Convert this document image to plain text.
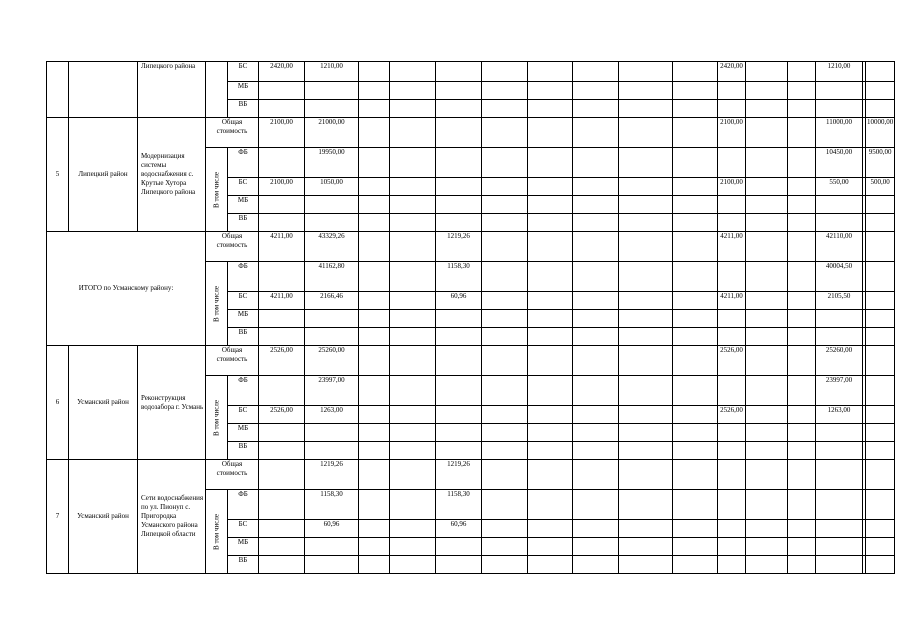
		Липецкого района		БС	2420,00	1210,00									2420,00			1210,00		
				МБ																
				ВБ																
5	Липецкий район	Модернизация системы водоснабжения с. Крутые Хутора Липецкого района	Общая стоимость		2100,00	21000,00									2100,00			11000,00		10000,00

			В том числе	ФБ		19950,00												10450,00		9500,00
				БС	2100,00	1050,00									2100,00			550,00		500,00
				МБ																
				ВБ																
ИТОГО по Усманскому району:			Общая стоимость		4211,00	43329,26			1219,26						4211,00			42110,00		

			В том числе	ФБ		41162,80			1158,30									40004,50		
				БС	4211,00	2166,46			60,96						4211,00			2105,50		
				МБ																
				ВБ																
6	Усманский район	Реконструкция водозабора г. Усмань	Общая стоимость		2526,00	25260,00									2526,00			25260,00		

			В том числе	ФБ		23997,00												23997,00		
				БС	2526,00	1263,00									2526,00			1263,00		
				МБ																
				ВБ																
7	Усманский район	Сети водоснабжения по ул. Пионуп с. Пригородка Усманского района Липецкой области	Общая стоимость			1219,26			1219,26											

			В том числе	ФБ		1158,30			1158,30											
				БС		60,96			60,96											
				МБ																
				ВБ																
